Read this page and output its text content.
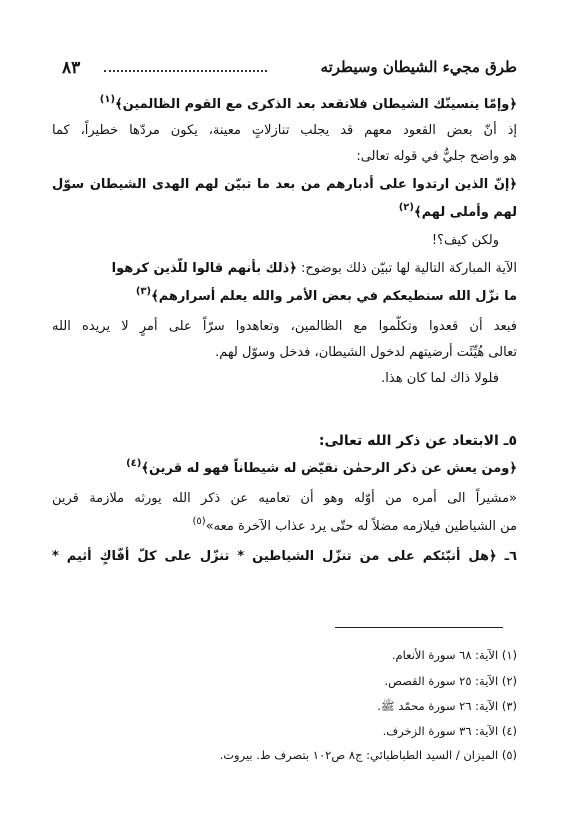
٨٣	طرق مجيء الشيطان وسيطرته
﴿وإمّا ينسينّك الشيطان فلاتقعد بعد الذكرى مع القوم الظالمين﴾$^{(١)}$
إذ أنّ بعض القعود معهم قد يجلب تنازلاتٍ معينة، يكون مردّها خطيراً، كما
هو واضح جليٌّ في قوله تعالى:
﴿إنّ الذين ارتدوا على أدبارهم من بعد ما تبيّن لهم الهدى الشيطان سوّل
لهم وأملى لهم﴾$^{(٢)}$
ولكن كيف؟!
الآية المباركة التالية لها تبيّن ذلك بوضوح: ﴿ذلك بأنهم قالوا للّذين كرهوا
ما نزّل الله سنطيعكم في بعض الأمر والله يعلم أسرارهم﴾$^{(٣)}$
فبعد أن قعدوا وتكلّموا مع الظالمين، وتعاهدوا سرّاً على أمرٍ لا يريده الله
تعالى هُيِّئَت أرضيتهم لدخول الشيطان، فدخل وسوّل لهم.
فلولا ذاك لما كان هذا.
٥ـ الابتعاد عن ذكر الله تعالى:
﴿ومن يعش عن ذكر الرحمٰن نقيّض له شيطاناً فهو له قرين﴾$^{(٤)}$
«مشيراً الى أمره من أوّله وهو أن تعاميه عن ذكر الله يورثه ملازمة قرين
من الشياطين فيلازمه مضلاً له حتّى يرد عذاب الآخرة معه»$^{(٥)}$
٦ـ ﴿هل أنبّئكم على من تنزّل الشياطين * تنزّل على كلّ أفّاكٍ أثيم *
(١) الآية: ٦٨ سورة الأنعام.
(٢) الآية: ٢٥ سورة القصص.
(٣) الآية: ٢٦ سورة محمّد ﷺ.
(٤) الآية: ٣٦ سورة الزخرف.
(٥) الميزان / السيد الطباطبائي: ج٨ ص١٠٢ بتصرف ط. بيروت.
